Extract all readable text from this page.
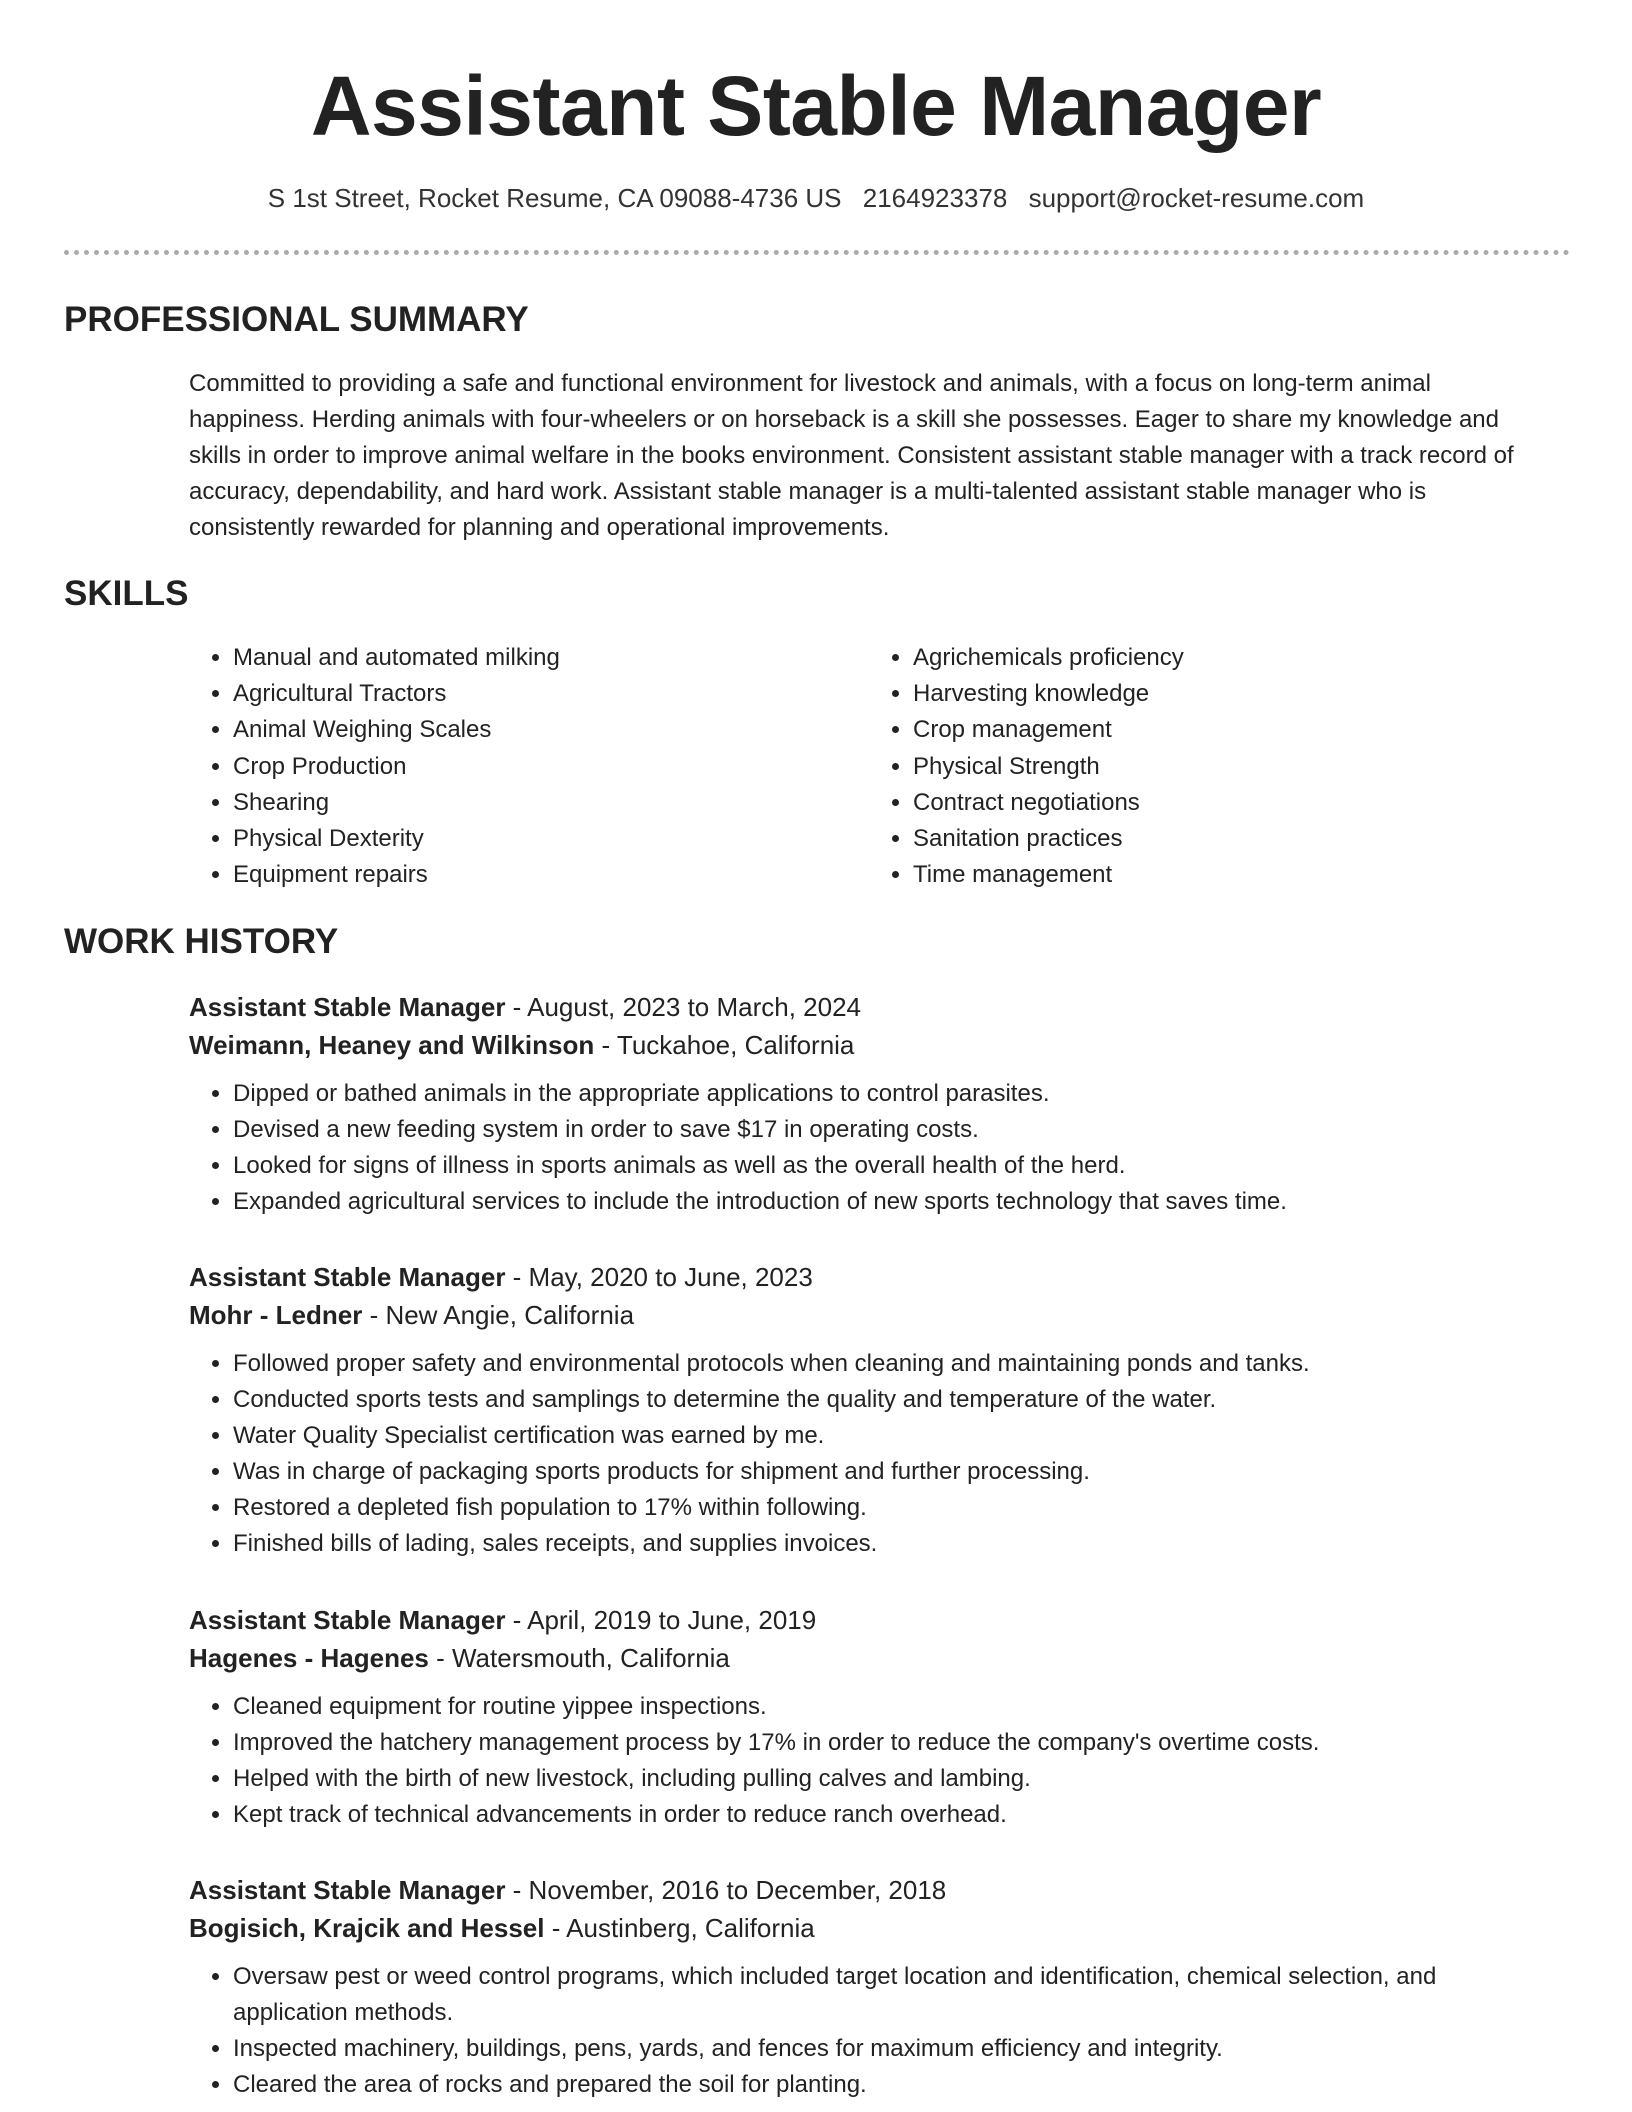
Assistant Stable Manager
S 1st Street, Rocket Resume, CA 09088-4736 US 2164923378 support@rocket-resume.com
PROFESSIONAL SUMMARY

Committed to providing a safe and functional environment for livestock and animals, with a focus on long-term animal happiness. Herding animals with four-wheelers or on horseback is a skill she possesses. Eager to share my knowledge and skills in order to improve animal welfare in the books environment. Consistent assistant stable manager with a track record of accuracy, dependability, and hard work. Assistant stable manager is a multi-talented assistant stable manager who is consistently rewarded for planning and operational improvements.

SKILLS
• Manual and automated milking
• Agricultural Tractors
• Animal Weighing Scales
• Crop Production
• Shearing
• Physical Dexterity
• Equipment repairs
• Agrichemicals proficiency
• Harvesting knowledge
• Crop management
• Physical Strength
• Contract negotiations
• Sanitation practices
• Time management
WORK HISTORY

Assistant Stable Manager - August, 2023 to March, 2024

Weimann, Heaney and Wilkinson - Tuckahoe, California

• Dipped or bathed animals in the appropriate applications to control parasites.
• Devised a new feeding system in order to save $17 in operating costs.
• Looked for signs of illness in sports animals as well as the overall health of the herd.
• Expanded agricultural services to include the introduction of new sports technology that saves time.

Assistant Stable Manager - May, 2020 to June, 2023

Mohr - Ledner - New Angie, California

• Followed proper safety and environmental protocols when cleaning and maintaining ponds and tanks.
• Conducted sports tests and samplings to determine the quality and temperature of the water.
• Water Quality Specialist certification was earned by me.
• Was in charge of packaging sports products for shipment and further processing.
• Restored a depleted fish population to 17% within following.
• Finished bills of lading, sales receipts, and supplies invoices.

Assistant Stable Manager - April, 2019 to June, 2019

Hagenes - Hagenes - Watersmouth, California

• Cleaned equipment for routine yippee inspections.
• Improved the hatchery management process by 17% in order to reduce the company's overtime costs.
• Helped with the birth of new livestock, including pulling calves and lambing.
• Kept track of technical advancements in order to reduce ranch overhead.

Assistant Stable Manager - November, 2016 to December, 2018

Bogisich, Krajcik and Hessel - Austinberg, California

• Oversaw pest or weed control programs, which included target location and identification, chemical selection, and application methods.
• Inspected machinery, buildings, pens, yards, and fences for maximum efficiency and integrity.
• Cleared the area of rocks and prepared the soil for planting.
